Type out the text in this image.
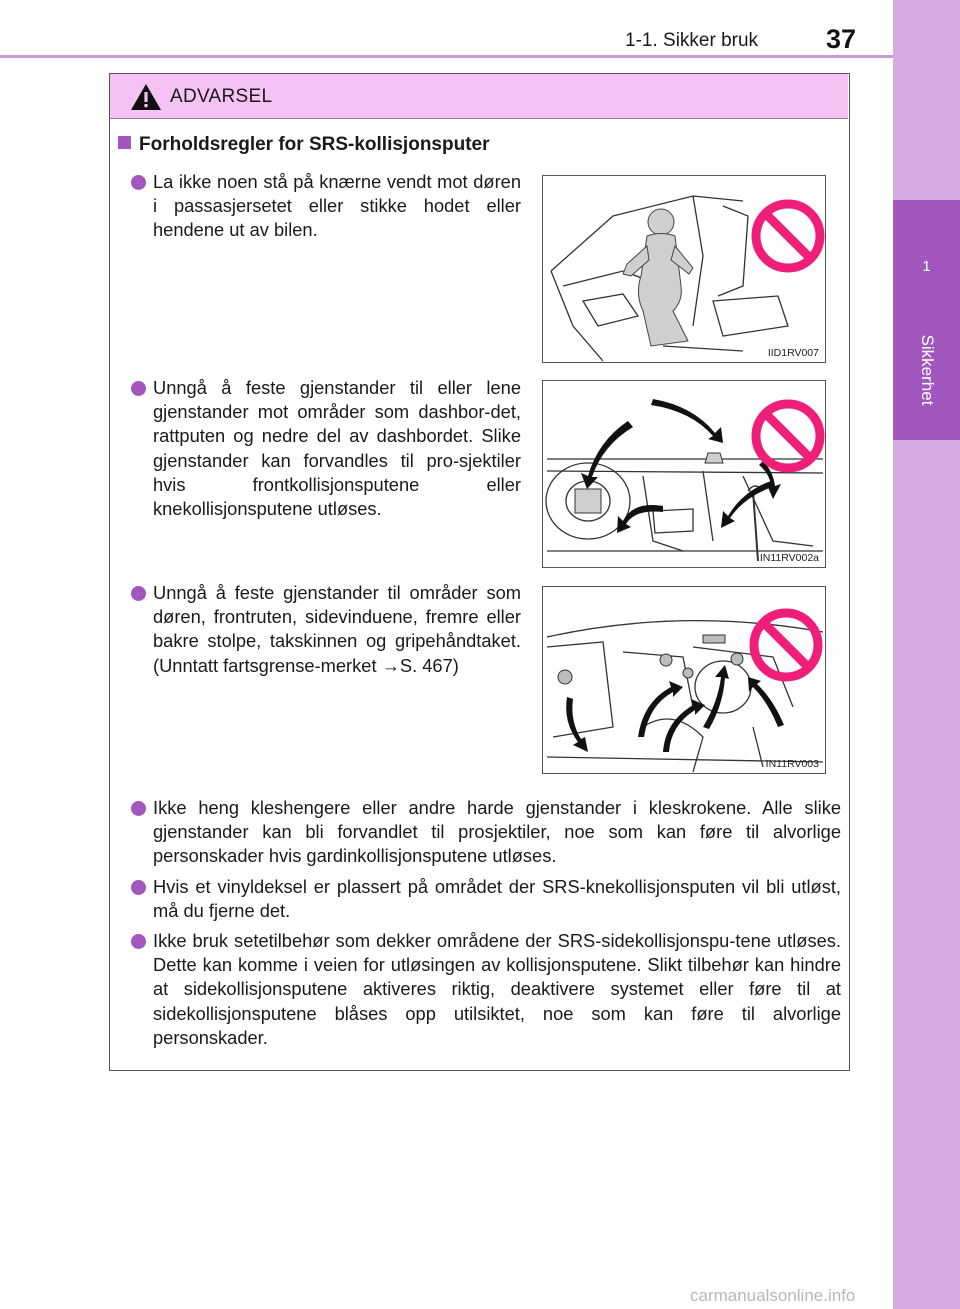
1-1. Sikker bruk	37
1
Sikkerhet
ADVARSEL
Forholdsregler for SRS-kollisjonsputer
La ikke noen stå på knærne vendt mot døren i passasjersetet eller stikke hodet eller hendene ut av bilen.
IID1RV007
Unngå å feste gjenstander til eller lene gjenstander mot områder som dashbor-det, rattputen og nedre del av dashbordet. Slike gjenstander kan forvandles til pro-sjektiler hvis frontkollisjonsputene eller knekollisjonsputene utløses.
IN11RV002a
Unngå å feste gjenstander til områder som døren, frontruten, sidevinduene, fremre eller bakre stolpe, takskinnen og gripehåndtaket. (Unntatt fartsgrense-merket →S. 467)
IN11RV003
Ikke heng kleshengere eller andre harde gjenstander i kleskrokene. Alle slike gjenstander kan bli forvandlet til prosjektiler, noe som kan føre til alvorlige personskader hvis gardinkollisjonsputene utløses.
Hvis et vinyldeksel er plassert på området der SRS-knekollisjonsputen vil bli utløst, må du fjerne det.
Ikke bruk setetilbehør som dekker områdene der SRS-sidekollisjonspu-tene utløses. Dette kan komme i veien for utløsingen av kollisjonsputene. Slikt tilbehør kan hindre at sidekollisjonsputene aktiveres riktig, deaktivere systemet eller føre til at sidekollisjonsputene blåses opp utilsiktet, noe som kan føre til alvorlige personskader.
carmanualsonline.info
